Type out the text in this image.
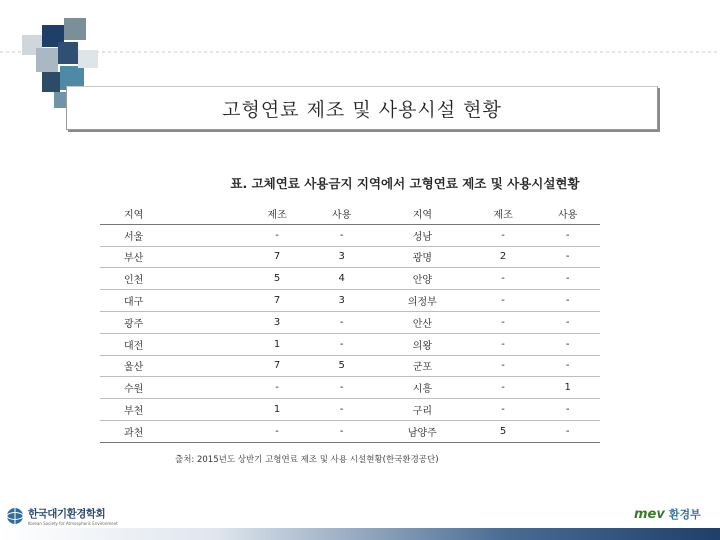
고형연료 제조 및 사용시설 현황
표. 고체연료 사용금지 지역에서 고형연료 제조 및 사용시설현황
지역	제조	사용	지역	제조	사용
서울	-	-	성남	-	-
부산	7	3	광명	2	-
인천	5	4	안양	-	-
대구	7	3	의정부	-	-
광주	3	-	안산	-	-
대전	1	-	의왕	-	-
울산	7	5	군포	-	-
수원	-	-	시흥	-	1
부천	1	-	구리	-	-
과천	-	-	남양주	5	-
출처: 2015년도 상반기 고형연료 제조 및 사용 시설현황(한국환경공단)
한국대기환경학회
Korean Society for Atmospheric Environment
mev 환경부
